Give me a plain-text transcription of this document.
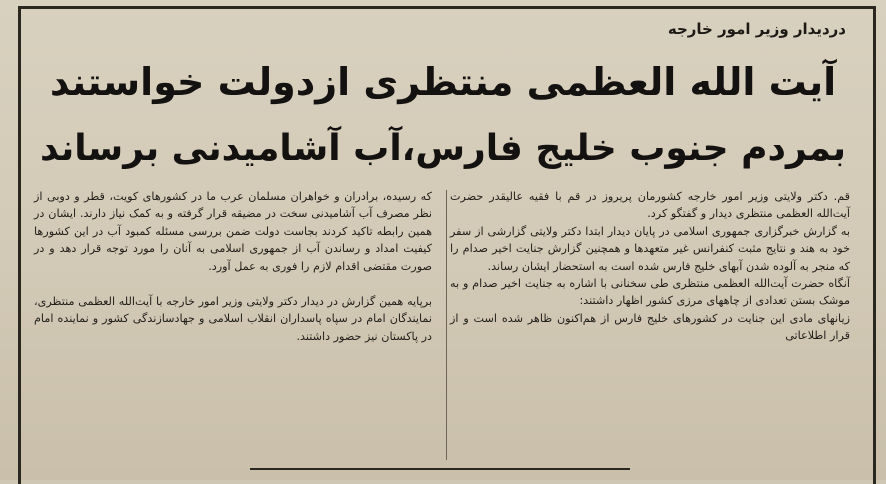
دردیدار وزیر امور خارجه
آیت الله العظمی منتظری ازدولت خواستند
بمردم جنوب خلیج فارس،آب آشامیدنی برساند

قم. دکتر ولایتی وزیر امور خارجه کشورمان پریروز در قم با فقیه عالیقدر حضرت آیت‌الله العظمی منتظری دیدار و گفتگو کرد.

به گزارش خبرگزاری جمهوری اسلامی در پایان دیدار ابتدا دکتر ولایتی گزارشی از سفر خود به هند و نتایج مثبت کنفرانس غیر متعهدها و همچنین گزارش جنایت اخیر صدام را که منجر به آلوده شدن آبهای خلیج فارس شده است به استحضار ایشان رساند.

آنگاه حضرت آیت‌الله العظمی منتظری طی سخنانی با اشاره به جنایت اخیر صدام و به موشک بستن تعدادی از چاههای مرزی کشور اظهار داشتند:

زیانهای مادی این جنایت در کشورهای خلیج فارس از هم‌اکنون ظاهر شده است و از قرار اطلاعاتی

که رسیده، برادران و خواهران مسلمان عرب ما در کشورهای کویت، قطر و دوبی از نظر مصرف آب آشامیدنی سخت در مضیقه قرار گرفته و به کمک نیاز دارند. ایشان در همین رابطه تاکید کردند بجاست دولت ضمن بررسی مسئله کمبود آب در این کشورها کیفیت امداد و رساندن آب از جمهوری اسلامی به آنان را مورد توجه قرار دهد و در صورت مقتضی اقدام لازم را فوری به عمل آورد.

برپایه همین گزارش در دیدار دکتر ولایتی وزیر امور خارجه با آیت‌الله العظمی منتظری، نمایندگان امام در سپاه پاسداران انقلاب اسلامی و جهادسازندگی کشور و نماینده امام در پاکستان نیز حضور داشتند.
